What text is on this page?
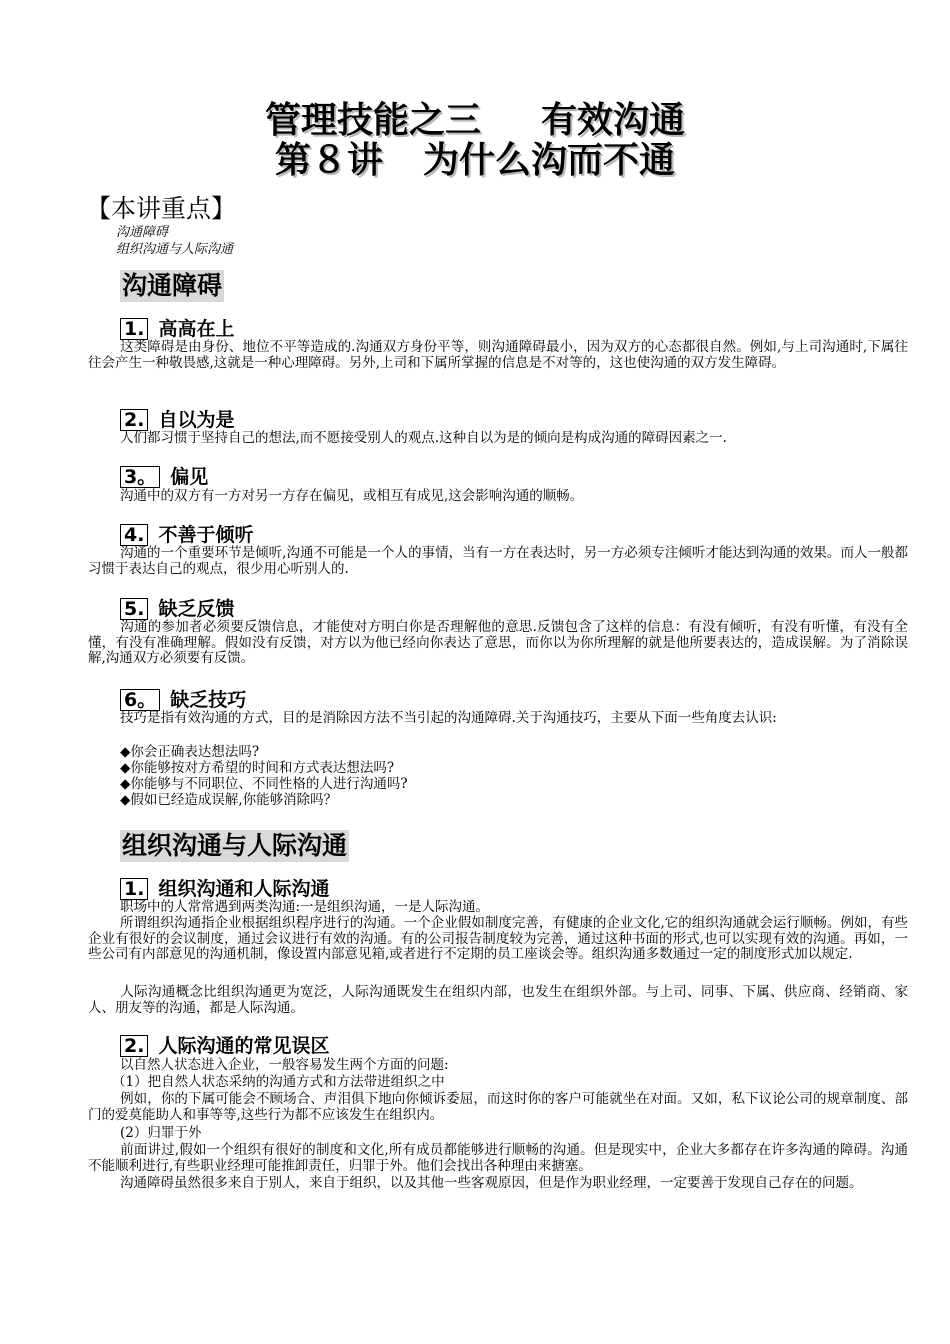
管理技能之三 有效沟通
第８讲 为什么沟而不通
【本讲重点】
沟通障碍
组织沟通与人际沟通
沟通障碍
1. 高高在上
这类障碍是由身份、地位不平等造成的.沟通双方身份平等，则沟通障碍最小，因为双方的心态都很自然。例如,与上司沟通时,下属往往会产生一种敬畏感,这就是一种心理障碍。另外,上司和下属所掌握的信息是不对等的，这也使沟通的双方发生障碍。
2. 自以为是
人们都习惯于坚持自己的想法,而不愿接受别人的观点.这种自以为是的倾向是构成沟通的障碍因素之一.
3。 偏见
沟通中的双方有一方对另一方存在偏见，或相互有成见,这会影响沟通的顺畅。
4. 不善于倾听
沟通的一个重要环节是倾听,沟通不可能是一个人的事情，当有一方在表达时，另一方必须专注倾听才能达到沟通的效果。而人一般都习惯于表达自己的观点，很少用心听别人的.
5. 缺乏反馈
沟通的参加者必须要反馈信息，才能使对方明白你是否理解他的意思.反馈包含了这样的信息：有没有倾听，有没有听懂，有没有全懂，有没有准确理解。假如没有反馈，对方以为他已经向你表达了意思，而你以为你所理解的就是他所要表达的，造成误解。为了消除误解,沟通双方必须要有反馈。
6。 缺乏技巧
技巧是指有效沟通的方式，目的是消除因方法不当引起的沟通障碍.关于沟通技巧，主要从下面一些角度去认识:
◆你会正确表达想法吗?
◆你能够按对方希望的时间和方式表达想法吗?
◆你能够与不同职位、不同性格的人进行沟通吗?
◆假如已经造成误解,你能够消除吗？
组织沟通与人际沟通
1. 组织沟通和人际沟通
职场中的人常常遇到两类沟通:一是组织沟通，一是人际沟通。
所谓组织沟通指企业根据组织程序进行的沟通。一个企业假如制度完善，有健康的企业文化,它的组织沟通就会运行顺畅。例如，有些企业有很好的会议制度，通过会议进行有效的沟通。有的公司报告制度较为完善，通过这种书面的形式,也可以实现有效的沟通。再如，一些公司有内部意见的沟通机制，像设置内部意见箱,或者进行不定期的员工座谈会等。组织沟通多数通过一定的制度形式加以规定.
人际沟通概念比组织沟通更为宽泛，人际沟通既发生在组织内部，也发生在组织外部。与上司、同事、下属、供应商、经销商、家人、朋友等的沟通，都是人际沟通。
2. 人际沟通的常见误区
以自然人状态进入企业，一般容易发生两个方面的问题:
（1）把自然人状态采纳的沟通方式和方法带进组织之中
例如，你的下属可能会不顾场合、声泪俱下地向你倾诉委屈，而这时你的客户可能就坐在对面。又如，私下议论公司的规章制度、部门的爱莫能助人和事等等,这些行为都不应该发生在组织内。
(2）归罪于外
前面讲过,假如一个组织有很好的制度和文化,所有成员都能够进行顺畅的沟通。但是现实中，企业大多都存在许多沟通的障碍。沟通不能顺利进行,有些职业经理可能推卸责任，归罪于外。他们会找出各种理由来搪塞。
沟通障碍虽然很多来自于别人，来自于组织，以及其他一些客观原因，但是作为职业经理，一定要善于发现自己存在的问题。
